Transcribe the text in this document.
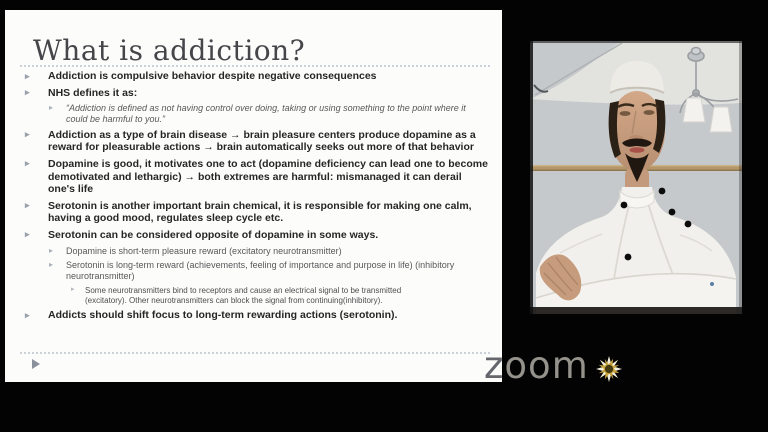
What is addiction?
▸ Addiction is compulsive behavior despite negative consequences
▸ NHS defines it as:
▸ “Addiction is defined as not having control over doing, taking or using something to the point where it could be harmful to you.”
▸ Addiction as a type of brain disease → brain pleasure centers produce dopamine as a reward for pleasurable actions → brain automatically seeks out more of that behavior
▸ Dopamine is good, it motivates one to act (dopamine deficiency can lead one to become demotivated and lethargic) → both extremes are harmful: mismanaged it can derail one's life
▸ Serotonin is another important brain chemical, it is responsible for making one calm, having a good mood, regulates sleep cycle etc.
▸ Serotonin can be considered opposite of dopamine in some ways.
▸ Dopamine is short-term pleasure reward (excitatory neurotransmitter)
▸ Serotonin is long-term reward (achievements, feeling of importance and purpose in life) (inhibitory neurotransmitter)
▸ Some neurotransmitters bind to receptors and cause an electrical signal to be transmitted (excitatory). Other neurotransmitters can block the signal from continuing(inhibitory).
▸ Addicts should shift focus to long-term rewarding actions (serotonin).
zoom
